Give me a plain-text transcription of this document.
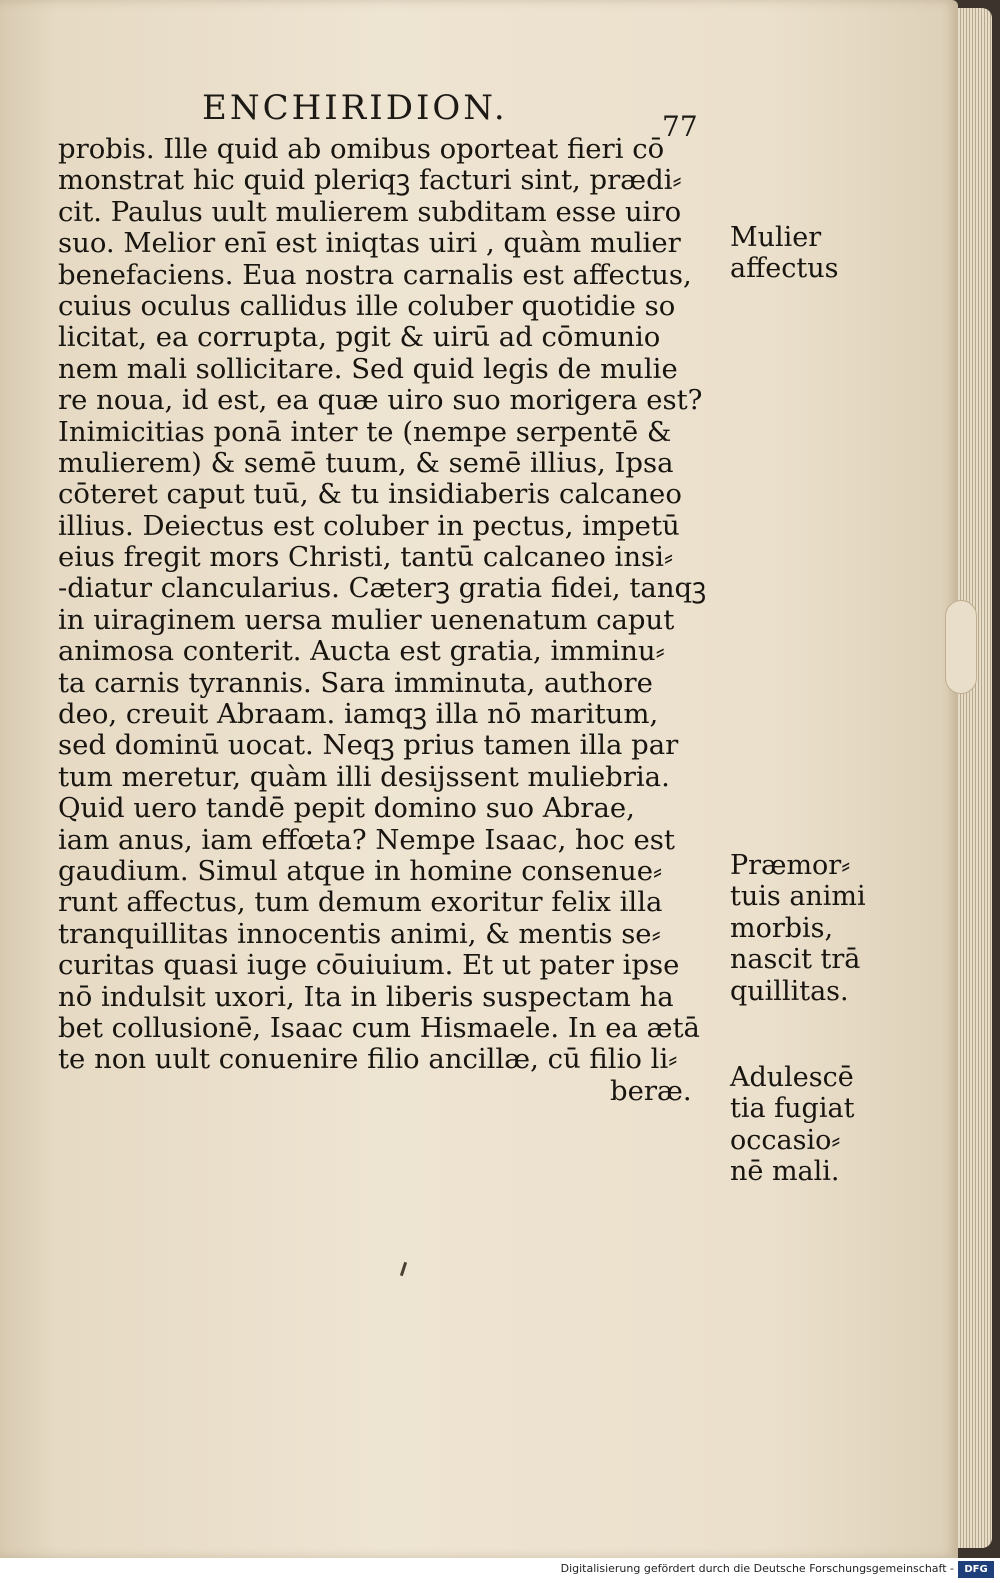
ENCHIRIDION.	77
probis. Ille quid ab omibus oporteat fieri cō
monstrat hic quid pleriqꝫ facturi sint, prædi⸗
cit. Paulus uult mulierem subditam esse uiro
suo. Melior enī est iniqtas uiri , quàm mulier
benefaciens. Eua nostra carnalis est affectus,
cuius oculus callidus ille coluber quotidie so
licitat, ea corrupta, pgit & uirū ad cōmunio
nem mali sollicitare. Sed quid legis de mulie
re noua, id est, ea quæ uiro suo morigera est?
Inimicitias ponā inter te (nempe serpentē &
mulierem) & semē tuum, & semē illius, Ipsa
cōteret caput tuū, & tu insidiaberis calcaneo
illius. Deiectus est coluber in pectus, impetū
eius fregit mors Christi, tantū calcaneo insi⸗
-diatur clancularius. Cæterꝫ gratia fidei, tanqꝫ
in uiraginem uersa mulier uenenatum caput
animosa conterit. Aucta est gratia, imminu⸗
ta carnis tyrannis. Sara imminuta, authore
deo, creuit Abraam. iamqꝫ illa nō maritum,
sed dominū uocat. Neqꝫ prius tamen illa par
tum meretur, quàm illi desijssent muliebria.
Quid uero tandē pepit domino suo Abrae,
iam anus, iam effœta? Nempe Isaac, hoc est
gaudium. Simul atque in homine consenue⸗
runt affectus, tum demum exoritur felix illa
tranquillitas innocentis animi, & mentis se⸗
curitas quasi iuge cōuiuium. Et ut pater ipse
nō indulsit uxori, Ita in liberis suspectam ha
bet collusionē, Isaac cum Hismaele. In ea ætā
te non uult conuenire filio ancillæ, cū filio li⸗
beræ.
Mulier
affectus
Præmor⸗
tuis animi
morbis,
nascit trā
quillitas.
Adulescē
tia fugiat
occasio⸗
nē mali.
Digitalisierung gefördert durch die Deutsche Forschungsgemeinschaft -	DFG
